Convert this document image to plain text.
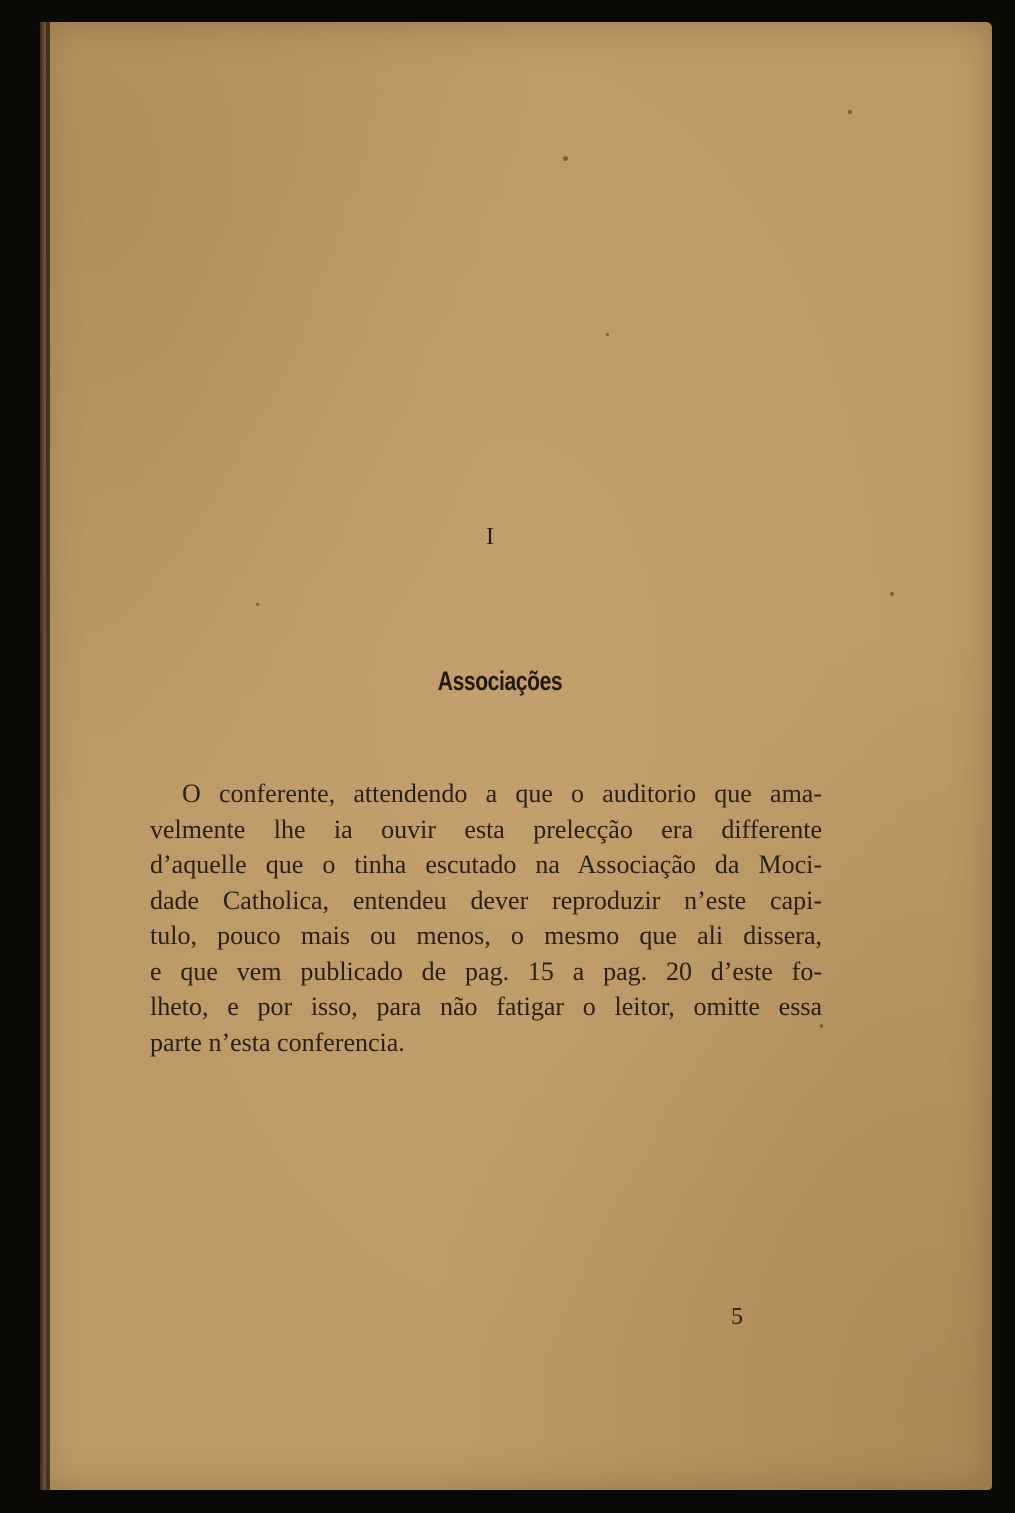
I
Associações
O conferente, attendendo a que o auditorio que ama-
velmente lhe ia ouvir esta prelecção era differente
d’aquelle que o tinha escutado na Associação da Moci-
dade Catholica, entendeu dever reproduzir n’este capi-
tulo, pouco mais ou menos, o mesmo que ali dissera,
e que vem publicado de pag. 15 a pag. 20 d’este fo-
lheto, e por isso, para não fatigar o leitor, omitte essa
parte n’esta conferencia.
5
